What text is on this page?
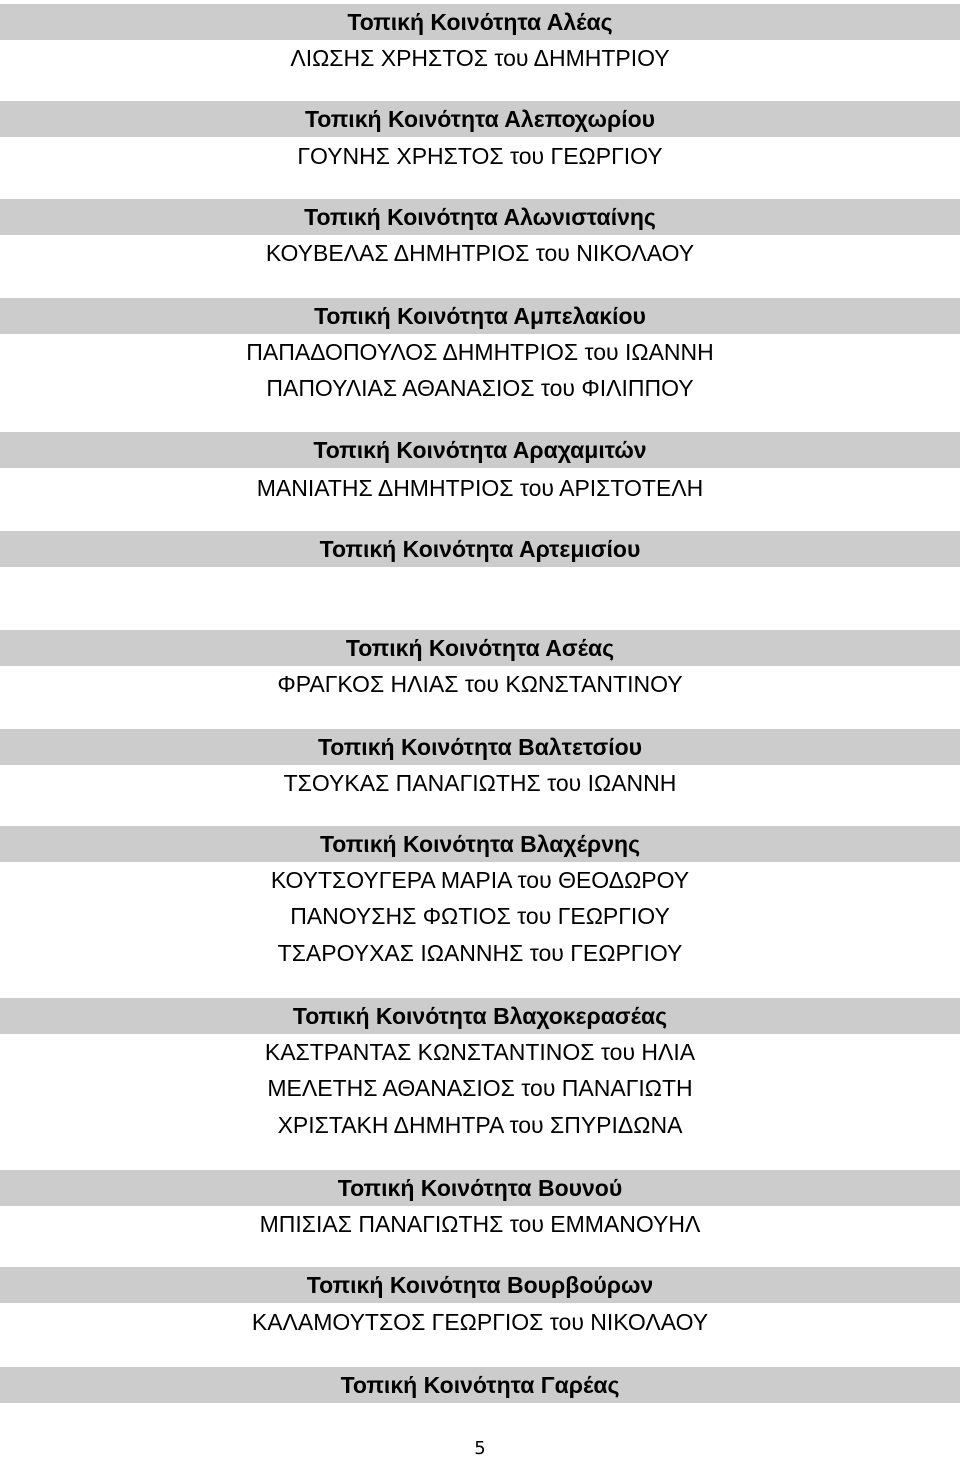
Τοπική Κοινότητα Αλέας
ΛΙΩΣΗΣ ΧΡΗΣΤΟΣ του ΔΗΜΗΤΡΙΟΥ
Τοπική Κοινότητα Αλεποχωρίου
ΓΟΥΝΗΣ ΧΡΗΣΤΟΣ του ΓΕΩΡΓΙΟΥ
Τοπική Κοινότητα Αλωνισταίνης
ΚΟΥΒΕΛΑΣ ΔΗΜΗΤΡΙΟΣ του ΝΙΚΟΛΑΟΥ
Τοπική Κοινότητα Αμπελακίου
ΠΑΠΑΔΟΠΟΥΛΟΣ ΔΗΜΗΤΡΙΟΣ του ΙΩΑΝΝΗ
ΠΑΠΟΥΛΙΑΣ ΑΘΑΝΑΣΙΟΣ του ΦΙΛΙΠΠΟΥ
Τοπική Κοινότητα Αραχαμιτών
ΜΑΝΙΑΤΗΣ ΔΗΜΗΤΡΙΟΣ του ΑΡΙΣΤΟΤΕΛΗ
Τοπική Κοινότητα Αρτεμισίου
Τοπική Κοινότητα Ασέας
ΦΡΑΓΚΟΣ ΗΛΙΑΣ του ΚΩΝΣΤΑΝΤΙΝΟΥ
Τοπική Κοινότητα Βαλτετσίου
ΤΣΟΥΚΑΣ ΠΑΝΑΓΙΩΤΗΣ του ΙΩΑΝΝΗ
Τοπική Κοινότητα Βλαχέρνης
ΚΟΥΤΣΟΥΓΕΡΑ ΜΑΡΙΑ του ΘΕΟΔΩΡΟΥ
ΠΑΝΟΥΣΗΣ ΦΩΤΙΟΣ του ΓΕΩΡΓΙΟΥ
ΤΣΑΡΟΥΧΑΣ ΙΩΑΝΝΗΣ του ΓΕΩΡΓΙΟΥ
Τοπική Κοινότητα Βλαχοκερασέας
ΚΑΣΤΡΑΝΤΑΣ ΚΩΝΣΤΑΝΤΙΝΟΣ του ΗΛΙΑ
ΜΕΛΕΤΗΣ ΑΘΑΝΑΣΙΟΣ του ΠΑΝΑΓΙΩΤΗ
ΧΡΙΣΤΑΚΗ ΔΗΜΗΤΡΑ του ΣΠΥΡΙΔΩΝΑ
Τοπική Κοινότητα Βουνού
ΜΠΙΣΙΑΣ ΠΑΝΑΓΙΩΤΗΣ του ΕΜΜΑΝΟΥΗΛ
Τοπική Κοινότητα Βουρβούρων
ΚΑΛΑΜΟΥΤΣΟΣ ΓΕΩΡΓΙΟΣ του ΝΙΚΟΛΑΟΥ
Τοπική Κοινότητα Γαρέας
5
